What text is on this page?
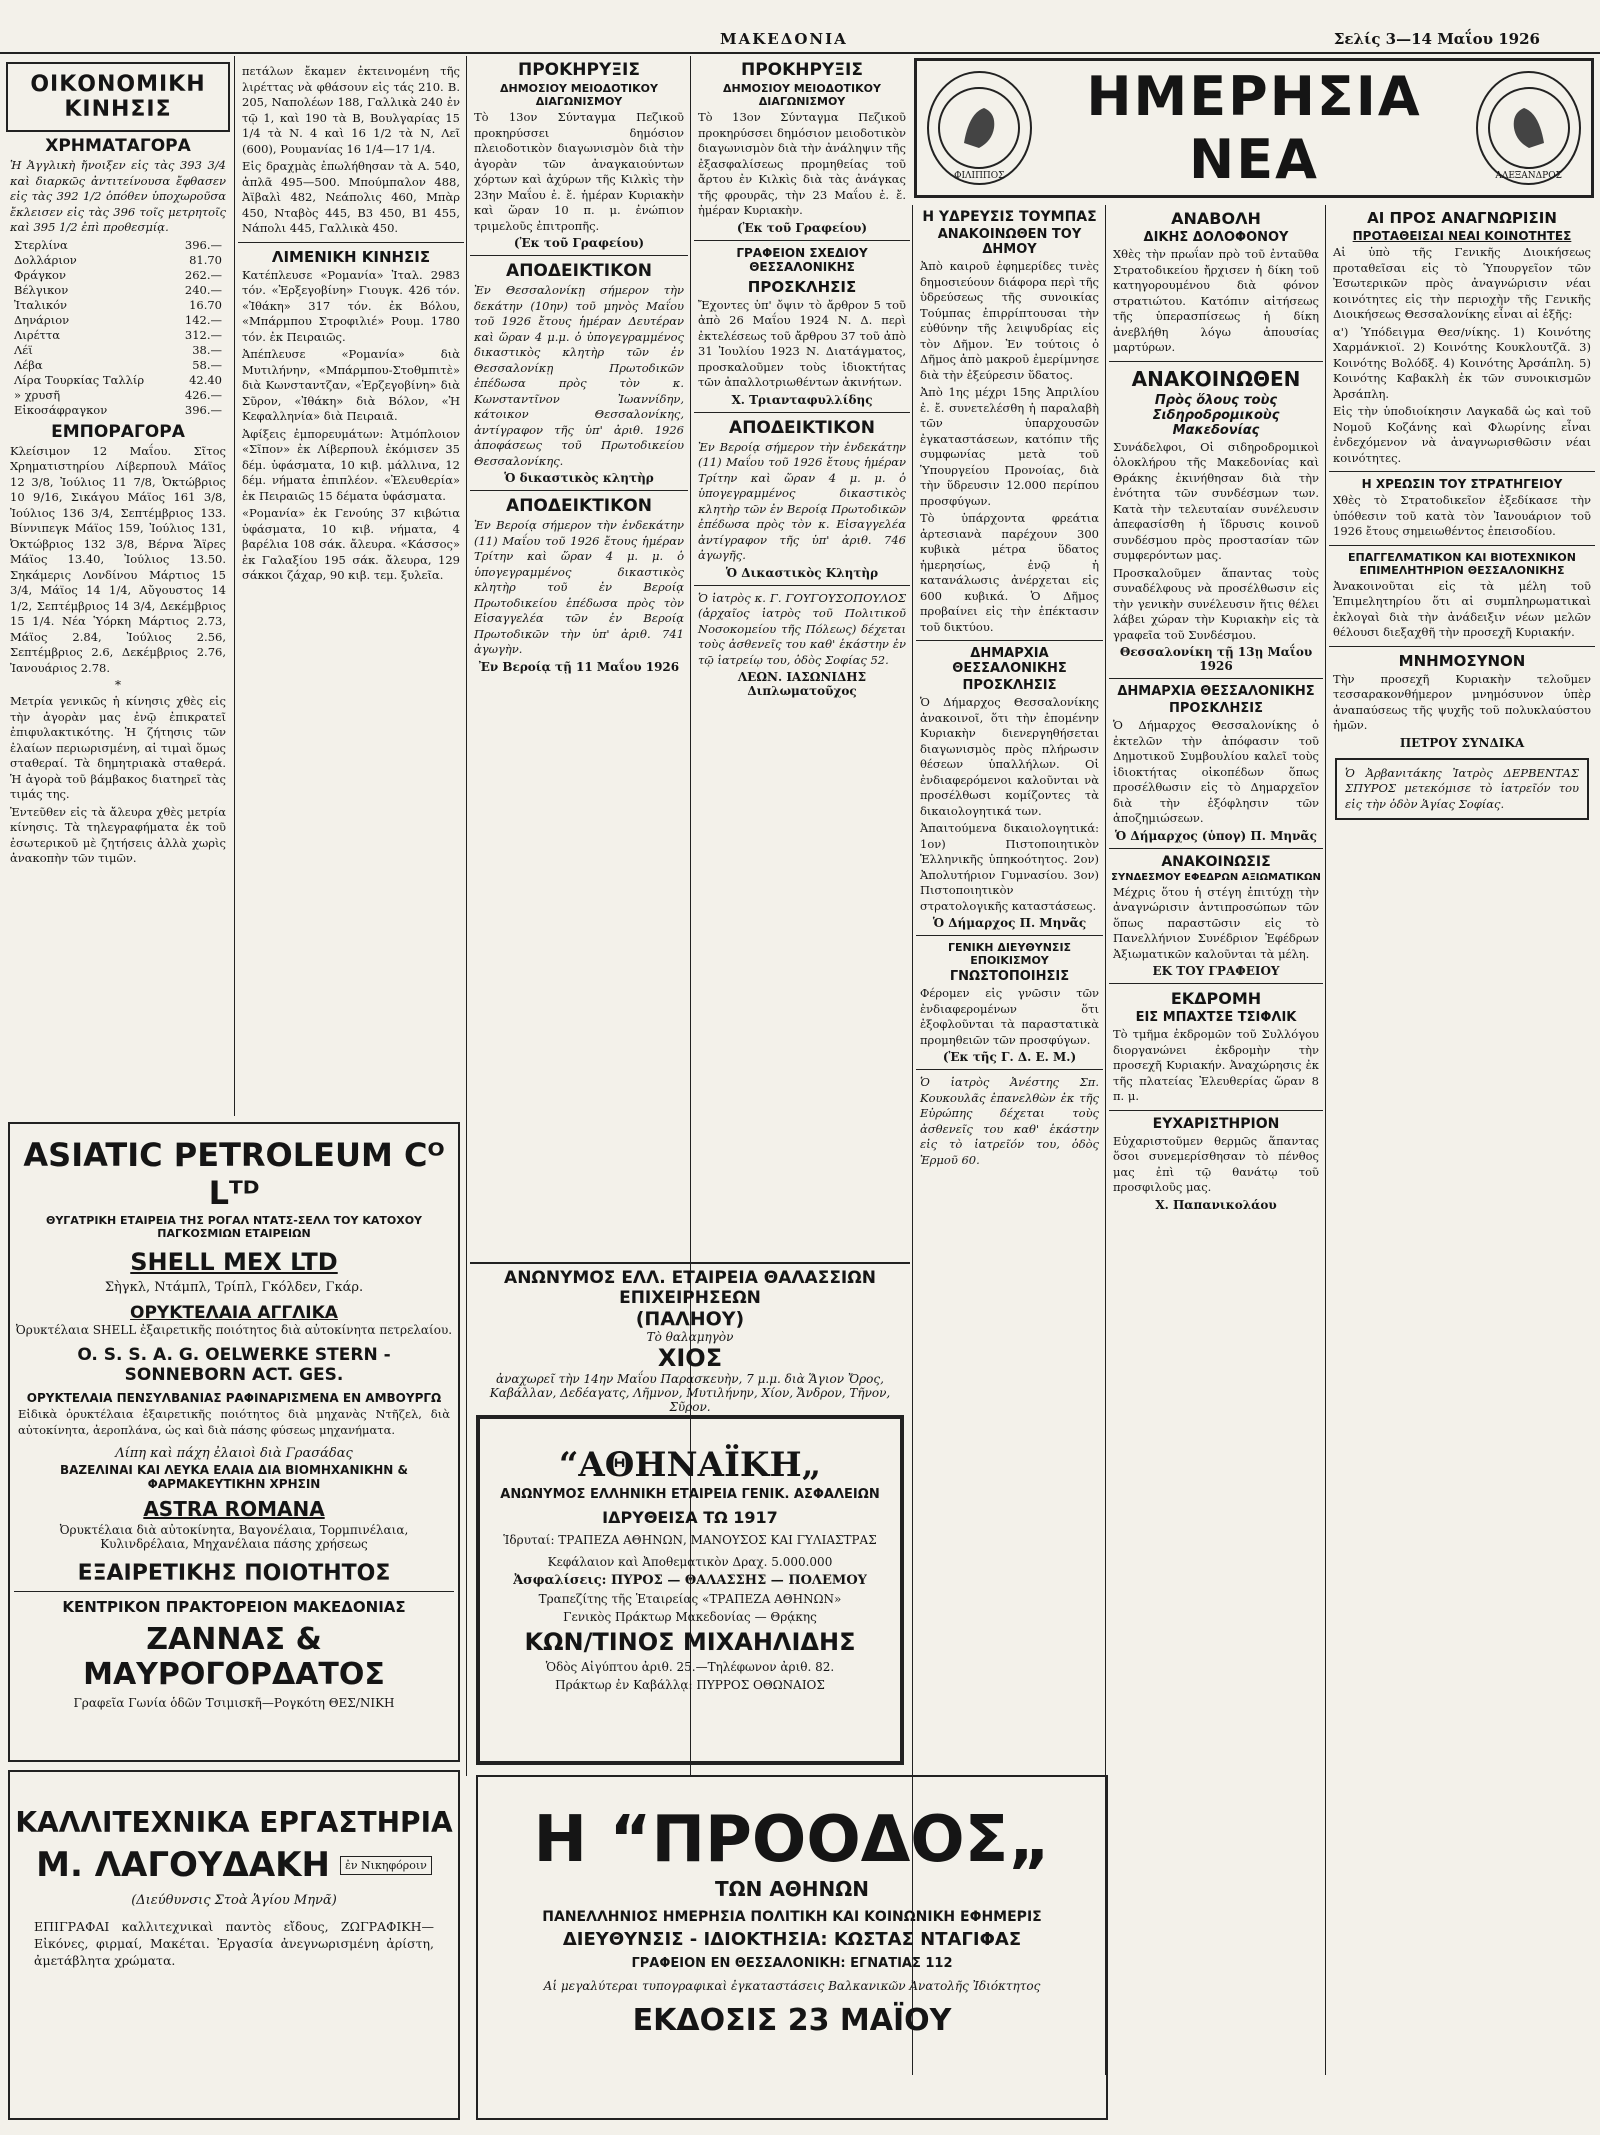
ΜΑΚΕΔΟΝΙΑ	Σελίς 3—14 Μαΐου 1926
ΟΙΚΟΝΟΜΙΚΗ ΚΙΝΗΣΙΣ
ΧΡΗΜΑΤΑΓΟΡΑ

Ἡ Ἀγγλικὴ ἤνοιξεν εἰς τὰς 393 3/4 καὶ διαρκῶς ἀντιτείνουσα ἔφθασεν εἰς τὰς 392 1/2 ὁπόθεν ὑποχωροῦσα ἔκλεισεν εἰς τὰς 396 τοῖς μετρητοῖς καὶ 395 1/2 ἐπὶ προθεσμίᾳ.

Στερλίνα	396.—
Δολλάριον	81.70
Φράγκον	262.—
Βέλγικον	240.—
Ἰταλικόν	16.70
Δηνάριον	142.—
Λιρέττα	312.—
Λέϊ	38.—
Λέβα	58.—
Λίρα Τουρκίας Ταλλίρ	42.40
» χρυσῆ	426.—
Εἰκοσάφραγκον	396.—
ΕΜΠΟΡΑΓΟΡΑ

Κλείσιμον 12 Μαΐου. Σῖτος Χρηματιστηρίου Λίβερπουλ Μάϊος 12 3/8, Ἰούλιος 11 7/8, Ὀκτώβριος 10 9/16, Σικάγου Μάϊος 161 3/8, Ἰούλιος 136 3/4, Σεπτέμβριος 133. Βίννιπεγκ Μάϊος 159, Ἰούλιος 131, Ὀκτώβριος 132 3/8, Βέρνα Ἄϊρες Μάϊος 13.40, Ἰούλιος 13.50. Σηκάμερις Λονδίνου Μάρτιος 15 3/4, Μάϊος 14 1/4, Αὔγουστος 14 1/2, Σεπτέμβριος 14 3/4, Δεκέμβριος 15 1/4. Νέα Ὑόρκη Μάρτιος 2.73, Μάϊος 2.84, Ἰούλιος 2.56, Σεπτέμβριος 2.6, Δεκέμβριος 2.76, Ἰανουάριος 2.78.

*

Μετρία γενικῶς ἡ κίνησις χθὲς εἰς τὴν ἀγορὰν μας ἐνῷ ἐπικρατεῖ ἐπιφυλακτικότης. Ἡ ζήτησις τῶν ἐλαίων περιωρισμένη, αἱ τιμαὶ ὅμως σταθεραί. Τὰ δημητριακὰ σταθερά. Ἡ ἀγορὰ τοῦ βάμβακος διατηρεῖ τὰς τιμάς της.

Ἐντεῦθεν εἰς τὰ ἄλευρα χθὲς μετρία κίνησις. Τὰ τηλεγραφήματα ἐκ τοῦ ἐσωτερικοῦ μὲ ζητήσεις ἀλλὰ χωρὶς ἀνακοπὴν τῶν τιμῶν.

πετάλων ἔκαμεν ἐκτεινομένη τῆς λιρέττας νὰ φθάσουν εἰς τάς 210. Β. 205, Ναπολέων 188, Γαλλικὰ 240 ἐν τῷ 1, καὶ 190 τὰ Β, Βουλγαρίας 15 1/4 τὰ Ν. 4 καὶ 16 1/2 τὰ Ν, Λεῖ (600), Ρουμανίας 16 1/4—17 1/4.

Εἰς δραχμὰς ἐπωλήθησαν τὰ Α. 540, ἀπλᾶ 495—500. Μπούμπαλον 488, Ἀϊβαλὶ 482, Νεάπολις 460, Μπὰρ 450, Νταβὸς 445, Β3 450, Β1 455, Νάπολι 445, Γαλλικὰ 450.

ΛΙΜΕΝΙΚΗ ΚΙΝΗΣΙΣ

Κατέπλευσε «Ρομανία» Ἰταλ. 2983 τόν. «Ἑρξεγοβίνη» Γιουγκ. 426 τόν. «Ἰθάκη» 317 τόν. ἐκ Βόλου, «Μπάρμπου Στροφιλιέ» Ρουμ. 1780 τόν. ἐκ Πειραιῶς.

Ἀπέπλευσε «Ρομανία» διὰ Μυτιλήνην, «Μπάρμπου-Στοθμπιτὲ» διὰ Κωνσταντζαν, «Ἑρζεγοβίνη» διὰ Σῦρον, «Ἰθάκη» διὰ Βόλον, «Ἡ Κεφαλληνία» διὰ Πειραιᾶ.

Ἀφίξεις ἐμπορευμάτων: Ἀτμόπλοιον «Σῖπον» ἐκ Λίβερπουλ ἐκόμισεν 35 δέμ. ὑφάσματα, 10 κιβ. μάλλινα, 12 δέμ. νήματα ἐπιπλέον. «Ἐλευθερία» ἐκ Πειραιῶς 15 δέματα ὑφάσματα.

«Ρομανία» ἐκ Γενούης 37 κιβώτια ὑφάσματα, 10 κιβ. νήματα, 4 βαρέλια 108 σάκ. ἄλευρα. «Κάσσος» ἐκ Γαλαξίου 195 σάκ. ἄλευρα, 129 σάκκοι ζάχαρ, 90 κιβ. τεμ. ξυλεῖα.

ASIATIC PETROLEUM Cᴼ Lᵀᴰ
ΘΥΓΑΤΡΙΚΗ ΕΤΑΙΡΕΙΑ ΤΗΣ ΡΟΓΑΛ ΝΤΑΤΣ-ΣΕΛΛ ΤΟΥ ΚΑΤΟΧΟΥ ΠΑΓΚΟΣΜΙΩΝ ΕΤΑΙΡΕΙΩΝ
SHELL MEX LTD
Σὴγκλ, Ντάμπλ, Τρίπλ, Γκόλδεν, Γκάρ.
ΟΡΥΚΤΕΛΑΙΑ ΑΓΓΛΙΚΑ
Ὀρυκτέλαια SHELL ἐξαιρετικῆς ποιότητος διὰ αὐτοκίνητα πετρελαίου.
O. S. S. A. G. OELWERKE STERN - SONNEBORN ACT. GES.
ΟΡΥΚΤΕΛΑΙΑ ΠΕΝΣΥΛΒΑΝΙΑΣ ΡΑΦΙΝΑΡΙΣΜΕΝΑ ΕΝ ΑΜΒΟΥΡΓΩ

Εἰδικὰ ὀρυκτέλαια ἐξαιρετικῆς ποιότητος διὰ μηχανὰς Ντῆζελ, διὰ αὐτοκίνητα, ἀεροπλάνα, ὡς καὶ διὰ πάσης φύσεως μηχανήματα.

Λίπη καὶ πάχη ἐλαιοὶ διὰ Γρασάδας
ΒΑΖΕΛΙΝΑΙ ΚΑΙ ΛΕΥΚΑ ΕΛΑΙΑ ΔΙΑ ΒΙΟΜΗΧΑΝΙΚΗΝ & ΦΑΡΜΑΚΕΥΤΙΚΗΝ ΧΡΗΣΙΝ
ASTRA ROMANA
Ὀρυκτέλαια διὰ αὐτοκίνητα, Βαγονέλαια, Τορμπινέλαια, Κυλινδρέλαια, Μηχανέλαια πάσης χρήσεως
ΕΞΑΙΡΕΤΙΚΗΣ ΠΟΙΟΤΗΤΟΣ
ΚΕΝΤΡΙΚΟΝ ΠΡΑΚΤΟΡΕΙΟΝ ΜΑΚΕΔΟΝΙΑΣ
ΖΑΝΝΑΣ & ΜΑΥΡΟΓΟΡΔΑΤΟΣ
Γραφεῖα Γωνία ὁδῶν Τσιμισκῆ—Ρογκότη ΘΕΣ/ΝΙΚΗ
ΚΑΛΛΙΤΕΧΝΙΚΑ ΕΡΓΑΣΤΗΡΙΑ
Μ. ΛΑΓΟΥΔΑΚΗ	ἐν Νικηφόροιν
(Διεύθυνσις Στοὰ Ἁγίου Μηνᾶ)

ΕΠΙΓΡΑΦΑΙ καλλιτεχνικαὶ παντὸς εἴδους, ΖΩΓΡΑΦΙΚΗ—Εἰκόνες, φιρμαί, Μακέται. Ἐργασία ἀνεγνωρισμένη ἀρίστη, ἀμετάβλητα χρώματα.

ΠΡΟΚΗΡΥΞΙΣ
ΔΗΜΟΣΙΟΥ ΜΕΙΟΔΟΤΙΚΟΥ ΔΙΑΓΩΝΙΣΜΟΥ

Τὸ 13ον Σύνταγμα Πεζικοῦ προκηρύσσει δημόσιον πλειοδοτικὸν διαγωνισμὸν διὰ τὴν ἀγορὰν τῶν ἀναγκαιούντων χόρτων καὶ ἀχύρων τῆς Κιλκὶς τὴν 23ην Μαΐου ἐ. ἔ. ἡμέραν Κυριακὴν καὶ ὥραν 10 π. μ. ἐνώπιον τριμελοῦς ἐπιτροπῆς.

(Ἐκ τοῦ Γραφείου)
ΑΠΟΔΕΙΚΤΙΚΟΝ

Ἐν Θεσσαλονίκῃ σήμερον τὴν δεκάτην (10ην) τοῦ μηνὸς Μαΐου τοῦ 1926 ἔτους ἡμέραν Δευτέραν καὶ ὥραν 4 μ.μ. ὁ ὑπογεγραμμένος δικαστικὸς κλητὴρ τῶν ἐν Θεσσαλονίκῃ Πρωτοδικῶν ἐπέδωσα πρὸς τὸν κ. Κωνσταντῖνον Ἰωαννίδην, κάτοικον Θεσσαλονίκης, ἀντίγραφον τῆς ὑπ' ἀριθ. 1926 ἀποφάσεως τοῦ Πρωτοδικείου Θεσσαλονίκης.

Ὁ δικαστικὸς κλητὴρ
ΑΠΟΔΕΙΚΤΙΚΟΝ

Ἐν Βεροίᾳ σήμερον τὴν ἑνδεκάτην (11) Μαΐου τοῦ 1926 ἔτους ἡμέραν Τρίτην καὶ ὥραν 4 μ. μ. ὁ ὑπογεγραμμένος δικαστικὸς κλητὴρ τοῦ ἐν Βεροίᾳ Πρωτοδικείου ἐπέδωσα πρὸς τὸν Εἰσαγγελέα τῶν ἐν Βεροίᾳ Πρωτοδικῶν τὴν ὑπ' ἀριθ. 741 ἀγωγὴν.

Ἐν Βεροίᾳ τῇ 11 Μαΐου 1926
ΠΡΟΚΗΡΥΞΙΣ
ΔΗΜΟΣΙΟΥ ΜΕΙΟΔΟΤΙΚΟΥ ΔΙΑΓΩΝΙΣΜΟΥ

Τὸ 13ον Σύνταγμα Πεζικοῦ προκηρύσσει δημόσιον μειοδοτικὸν διαγωνισμὸν διὰ τὴν ἀνάληψιν τῆς ἐξασφαλίσεως προμηθείας τοῦ ἄρτου ἐν Κιλκὶς διὰ τὰς ἀνάγκας τῆς φρουρᾶς, τὴν 23 Μαΐου ἐ. ἔ. ἡμέραν Κυριακὴν.

(Ἐκ τοῦ Γραφείου)
ΓΡΑΦΕΙΟΝ ΣΧΕΔΙΟΥ ΘΕΣΣΑΛΟΝΙΚΗΣ
ΠΡΟΣΚΛΗΣΙΣ

Ἔχοντες ὑπ' ὄψιν τὸ ἄρθρον 5 τοῦ ἀπὸ 26 Μαΐου 1924 Ν. Δ. περὶ ἐκτελέσεως τοῦ ἄρθρου 37 τοῦ ἀπὸ 31 Ἰουλίου 1923 Ν. Διατάγματος, προσκαλοῦμεν τοὺς ἰδιοκτήτας τῶν ἀπαλλοτριωθέντων ἀκινήτων.

Χ. Τριανταφυλλίδης
ΑΠΟΔΕΙΚΤΙΚΟΝ

Ἐν Βεροίᾳ σήμερον τὴν ἐνδεκάτην (11) Μαΐου τοῦ 1926 ἔτους ἡμέραν Τρίτην καὶ ὥραν 4 μ. μ. ὁ ὑπογεγραμμένος δικαστικὸς κλητὴρ τῶν ἐν Βεροίᾳ Πρωτοδικῶν ἐπέδωσα πρὸς τὸν κ. Εἰσαγγελέα ἀντίγραφον τῆς ὑπ' ἀριθ. 746 ἀγωγῆς.

Ὁ Δικαστικὸς Κλητὴρ

Ὁ ἰατρὸς κ. Γ. ΓΟΥΓΟΥΣΟΠΟΥΛΟΣ (ἀρχαῖος ἰατρὸς τοῦ Πολιτικοῦ Νοσοκομείου τῆς Πόλεως) δέχεται τοὺς ἀσθενεῖς του καθ' ἑκάστην ἐν τῷ ἰατρείῳ του, ὁδὸς Σοφίας 52.

ΛΕΩΝ. ΙΑΣΩΝΙΔΗΣ Διπλωματοῦχος
ΑΝΩΝΥΜΟΣ ΕΛΛ. ΕΤΑΙΡΕΙΑ ΘΑΛΑΣΣΙΩΝ ΕΠΙΧΕΙΡΗΣΕΩΝ
(ΠΑΛΗΟΥ)
Τὸ θαλαμηγὸν
ΧΙΟΣ
ἀναχωρεῖ τὴν 14ην Μαΐου Παρασκευὴν, 7 μ.μ. διὰ Ἅγιον Ὄρος, Καβάλλαν, Δεδέαγατς, Λῆμνον, Μυτιλήνην, Χίον, Ἄνδρον, Τῆνον, Σῦρον.
“ΑΘΗΝΑΪΚΗ„
ΑΝΩΝΥΜΟΣ ΕΛΛΗΝΙΚΗ ΕΤΑΙΡΕΙΑ ΓΕΝΙΚ. ΑΣΦΑΛΕΙΩΝ
ΙΔΡΥΘΕΙΣΑ ΤΩ 1917
Ἱδρυταί: ΤΡΑΠΕΖΑ ΑΘΗΝΩΝ, ΜΑΝΟΥΣΟΣ ΚΑΙ ΓΥΛΙΑΣΤΡΑΣ
Κεφάλαιον καὶ Ἀποθεματικὸν Δραχ. 5.000.000
Ἀσφαλίσεις: ΠΥΡΟΣ — ΘΑΛΑΣΣΗΣ — ΠΟΛΕΜΟΥ
Τραπεζίτης τῆς Ἑταιρείας «ΤΡΑΠΕΖΑ ΑΘΗΝΩΝ»
Γενικὸς Πράκτωρ Μακεδονίας — Θρᾴκης
ΚΩΝ/ΤΙΝΟΣ ΜΙΧΑΗΛΙΔΗΣ
Ὁδὸς Αἰγύπτου ἀριθ. 25.—Τηλέφωνον ἀριθ. 82.
Πράκτωρ ἐν Καβάλλᾳ: ΠΥΡΡΟΣ ΟΘΩΝΑΙΟΣ
Η “ΠΡΟΟΔΟΣ„
ΤΩΝ ΑΘΗΝΩΝ
ΠΑΝΕΛΛΗΝΙΟΣ ΗΜΕΡΗΣΙΑ ΠΟΛΙΤΙΚΗ ΚΑΙ ΚΟΙΝΩΝΙΚΗ ΕΦΗΜΕΡΙΣ
ΔΙΕΥΘΥΝΣΙΣ - ΙΔΙΟΚΤΗΣΙΑ: ΚΩΣΤΑΣ ΝΤΑΓΙΦΑΣ
ΓΡΑΦΕΙΟΝ ΕΝ ΘΕΣΣΑΛΟΝΙΚΗ: ΕΓΝΑΤΙΑΣ 112
Αἱ μεγαλύτεραι τυπογραφικαὶ ἐγκαταστάσεις Βαλκανικῶν Ἀνατολῆς Ἰδιόκτητος
ΕΚΔΟΣΙΣ 23 ΜΑΪΟΥ
ΦΙΛΙΠΠΟΣ
ΗΜΕΡΗΣΙΑ ΝΕΑ	ΑΛΕΞΑΝΔΡΟΣ
Η ΥΔΡΕΥΣΙΣ ΤΟΥΜΠΑΣ
ΑΝΑΚΟΙΝΩΘΕΝ ΤΟΥ ΔΗΜΟΥ

Ἀπὸ καιροῦ ἐφημερίδες τινὲς δημοσιεύουν διάφορα περὶ τῆς ὑδρεύσεως τῆς συνοικίας Τούμπας ἐπιρρίπτουσαι τὴν εὐθύνην τῆς λειψυδρίας εἰς τὸν Δῆμον. Ἐν τούτοις ὁ Δῆμος ἀπὸ μακροῦ ἐμερίμνησε διὰ τὴν ἐξεύρεσιν ὕδατος.

Ἀπὸ 1ης μέχρι 15ης Ἀπριλίου ἐ. ἔ. συνετελέσθη ἡ παραλαβὴ τῶν ὑπαρχουσῶν ἐγκαταστάσεων, κατόπιν τῆς συμφωνίας μετὰ τοῦ Ὑπουργείου Προνοίας, διὰ τὴν ὕδρευσιν 12.000 περίπου προσφύγων.

Τὸ ὑπάρχοντα φρεάτια ἀρτεσιανὰ παρέχουν 300 κυβικὰ μέτρα ὕδατος ἡμερησίως, ἐνῷ ἡ κατανάλωσις ἀνέρχεται εἰς 600 κυβικά. Ὁ Δῆμος προβαίνει εἰς τὴν ἐπέκτασιν τοῦ δικτύου.

ΔΗΜΑΡΧΙΑ ΘΕΣΣΑΛΟΝΙΚΗΣ
ΠΡΟΣΚΛΗΣΙΣ

Ὁ Δήμαρχος Θεσσαλονίκης ἀνακοινοῖ, ὅτι τὴν ἐπομένην Κυριακὴν διενεργηθήσεται διαγωνισμὸς πρὸς πλήρωσιν θέσεων ὑπαλλήλων. Οἱ ἐνδιαφερόμενοι καλοῦνται νὰ προσέλθωσι κομίζοντες τὰ δικαιολογητικά των.

Ἀπαιτούμενα δικαιολογητικά: 1ον) Πιστοποιητικὸν Ἑλληνικῆς ὑπηκοότητος. 2ον) Ἀπολυτήριον Γυμνασίου. 3ον) Πιστοποιητικὸν στρατολογικῆς καταστάσεως.

Ὁ Δήμαρχος Π. Μηνᾶς
ΓΕΝΙΚΗ ΔΙΕΥΘΥΝΣΙΣ ΕΠΟΙΚΙΣΜΟΥ
ΓΝΩΣΤΟΠΟΙΗΣΙΣ

Φέρομεν εἰς γνῶσιν τῶν ἐνδιαφερομένων ὅτι ἐξοφλοῦνται τὰ παραστατικὰ προμηθειῶν τῶν προσφύγων.

(Ἐκ τῆς Γ. Δ. Ε. Μ.)

Ὁ ἰατρὸς Ἀνέστης Σπ. Κουκουλᾶς ἐπανελθὼν ἐκ τῆς Εὐρώπης δέχεται τοὺς ἀσθενεῖς του καθ' ἑκάστην εἰς τὸ ἰατρεῖόν του, ὁδὸς Ἑρμοῦ 60.

ΑΝΑΒΟΛΗ
ΔΙΚΗΣ ΔΟΛΟΦΟΝΟΥ

Χθὲς τὴν πρωΐαν πρὸ τοῦ ἐνταῦθα Στρατοδικείου ἤρχισεν ἡ δίκη τοῦ κατηγορουμένου διὰ φόνον στρατιώτου. Κατόπιν αἰτήσεως τῆς ὑπερασπίσεως ἡ δίκη ἀνεβλήθη λόγω ἀπουσίας μαρτύρων.

ΑΝΑΚΟΙΝΩΘΕΝ
Πρὸς ὅλους τοὺς Σιδηροδρομικοὺς Μακεδονίας

Συνάδελφοι, Οἱ σιδηροδρομικοὶ ὁλοκλήρου τῆς Μακεδονίας καὶ Θράκης ἐκινήθησαν διὰ τὴν ἐνότητα τῶν συνδέσμων των. Κατὰ τὴν τελευταίαν συνέλευσιν ἀπεφασίσθη ἡ ἵδρυσις κοινοῦ συνδέσμου πρὸς προστασίαν τῶν συμφερόντων μας.

Προσκαλοῦμεν ἅπαντας τοὺς συναδέλφους νὰ προσέλθωσιν εἰς τὴν γενικὴν συνέλευσιν ἥτις θέλει λάβει χώραν τὴν Κυριακὴν εἰς τὰ γραφεῖα τοῦ Συνδέσμου.

Θεσσαλονίκη τῇ 13ῃ Μαΐου 1926
ΔΗΜΑΡΧΙΑ ΘΕΣΣΑΛΟΝΙΚΗΣ
ΠΡΟΣΚΛΗΣΙΣ

Ὁ Δήμαρχος Θεσσαλονίκης ὁ ἐκτελῶν τὴν ἀπόφασιν τοῦ Δημοτικοῦ Συμβουλίου καλεῖ τοὺς ἰδιοκτήτας οἰκοπέδων ὅπως προσέλθωσιν εἰς τὸ Δημαρχεῖον διὰ τὴν ἐξόφλησιν τῶν ἀποζημιώσεων.

Ὁ Δήμαρχος (ὑπογ) Π. Μηνᾶς
ΑΝΑΚΟΙΝΩΣΙΣ
ΣΥΝΔΕΣΜΟΥ ΕΦΕΔΡΩΝ ΑΞΙΩΜΑΤΙΚΩΝ

Μέχρις ὅτου ἡ στέγη ἐπιτύχῃ τὴν ἀναγνώρισιν ἀντιπροσώπων τῶν ὅπως παραστῶσιν εἰς τὸ Πανελλήνιον Συνέδριον Ἐφέδρων Ἀξιωματικῶν καλοῦνται τὰ μέλη.

ΕΚ ΤΟΥ ΓΡΑΦΕΙΟΥ
ΕΚΔΡΟΜΗ
ΕΙΣ ΜΠΑΧΤΣΕ ΤΣΙΦΛΙΚ

Τὸ τμῆμα ἐκδρομῶν τοῦ Συλλόγου διοργανώνει ἐκδρομὴν τὴν προσεχῆ Κυριακήν. Ἀναχώρησις ἐκ τῆς πλατείας Ἐλευθερίας ὥραν 8 π. μ.

ΕΥΧΑΡΙΣΤΗΡΙΟΝ

Εὐχαριστοῦμεν θερμῶς ἅπαντας ὅσοι συνεμερίσθησαν τὸ πένθος μας ἐπὶ τῷ θανάτῳ τοῦ προσφιλοῦς μας.

Χ. Παπανικολάου
ΑΙ ΠΡΟΣ ΑΝΑΓΝΩΡΙΣΙΝ
ΠΡΟΤΑΘΕΙΣΑΙ ΝΕΑΙ ΚΟΙΝΟΤΗΤΕΣ

Αἱ ὑπὸ τῆς Γενικῆς Διοικήσεως προταθεῖσαι εἰς τὸ Ὑπουργεῖον τῶν Ἐσωτερικῶν πρὸς ἀναγνώρισιν νέαι κοινότητες εἰς τὴν περιοχὴν τῆς Γενικῆς Διοικήσεως Θεσσαλονίκης εἶναι αἱ ἑξῆς:

α') Ὑπόδειγμα Θεσ/νίκης. 1) Κοινότης Χαρμάνκιοϊ. 2) Κοινότης Κουκλουτζᾶ. 3) Κοινότης Βολόδξ. 4) Κοινότης Ἀρσάπλη. 5) Κοινότης Καβακλὴ ἐκ τῶν συνοικισμῶν Ἀρσάπλη.

Εἰς τὴν ὑποδιοίκησιν Λαγκαδᾶ ὡς καὶ τοῦ Νομοῦ Κοζάνης καὶ Φλωρίνης εἶναι ἐνδεχόμενον νὰ ἀναγνωρισθῶσιν νέαι κοινότητες.

Η ΧΡΕΩΣΙΝ ΤΟΥ ΣΤΡΑΤΗΓΕΙΟΥ

Χθὲς τὸ Στρατοδικεῖον ἐξεδίκασε τὴν ὑπόθεσιν τοῦ κατὰ τὸν Ἰανουάριον τοῦ 1926 ἔτους σημειωθέντος ἐπεισοδίου.

ΕΠΑΓΓΕΛΜΑΤΙΚΟΝ ΚΑΙ ΒΙΟΤΕΧΝΙΚΟΝ ΕΠΙΜΕΛΗΤΗΡΙΟΝ ΘΕΣΣΑΛΟΝΙΚΗΣ

Ἀνακοινοῦται εἰς τὰ μέλη τοῦ Ἐπιμελητηρίου ὅτι αἱ συμπληρωματικαὶ ἐκλογαὶ διὰ τὴν ἀνάδειξιν νέων μελῶν θέλουσι διεξαχθῆ τὴν προσεχῆ Κυριακήν.

ΜΝΗΜΟΣΥΝΟΝ

Τὴν προσεχῆ Κυριακὴν τελοῦμεν τεσσαρακονθήμερον μνημόσυνον ὑπὲρ ἀναπαύσεως τῆς ψυχῆς τοῦ πολυκλαύστου ἡμῶν.

ΠΕΤΡΟΥ ΣΥΝΔΙΚΑ

Ὁ Ἀρβανιτάκης Ἰατρὸς ΔΕΡΒΕΝΤΑΣ ΣΠΥΡΟΣ μετεκόμισε τὸ ἰατρεῖόν του εἰς τὴν ὁδὸν Ἁγίας Σοφίας.
